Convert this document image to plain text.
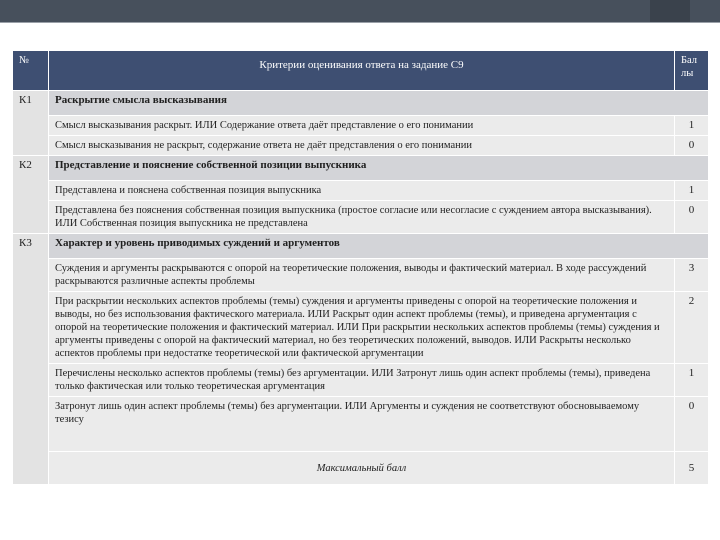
№	Критерии оценивания ответа на задание С9	Бал
лы
К1	Раскрытие смысла высказывания	
	Смысл высказывания раскрыт. ИЛИ Содержание ответа даёт представление о его понимании	1
	Смысл высказывания не раскрыт, содержание ответа не даёт представления о его понимании	0
К2	Представление и пояснение собственной позиции выпускника	
	Представлена и пояснена собственная позиция выпускника	1
	Представлена без пояснения собственная позиция выпускника (простое согласие или несогласие с суждением автора высказывания). ИЛИ Собственная позиция выпускника не представлена	0
К3	Характер и уровень приводимых суждений и аргументов	
	Суждения и аргументы раскрываются с опорой на теоретические положения, выводы и фактический материал. В ходе рассуждений раскрываются различные аспекты проблемы	3
	При раскрытии нескольких аспектов проблемы (темы) суждения и аргументы приведены с опорой на теоретические положения и выводы, но без использования фактического материала. ИЛИ Раскрыт один аспект проблемы (темы), и приведена аргументация с опорой на теоретические положения и фактический материал. ИЛИ При раскрытии нескольких аспектов проблемы (темы) суждения и аргументы приведены с опорой на фактический материал, но без теоретических положений, выводов. ИЛИ Раскрыты несколько аспектов проблемы при недостатке теоретической или фактической аргументации	2
	Перечислены несколько аспектов проблемы (темы) без аргументации. ИЛИ Затронут лишь один аспект проблемы (темы), приведена только фактическая или только теоретическая аргументация	1
	Затронут лишь один аспект проблемы (темы) без аргументации. ИЛИ Аргументы и суждения не соответствуют обосновываемому тезису	0
	Максимальный балл	5
